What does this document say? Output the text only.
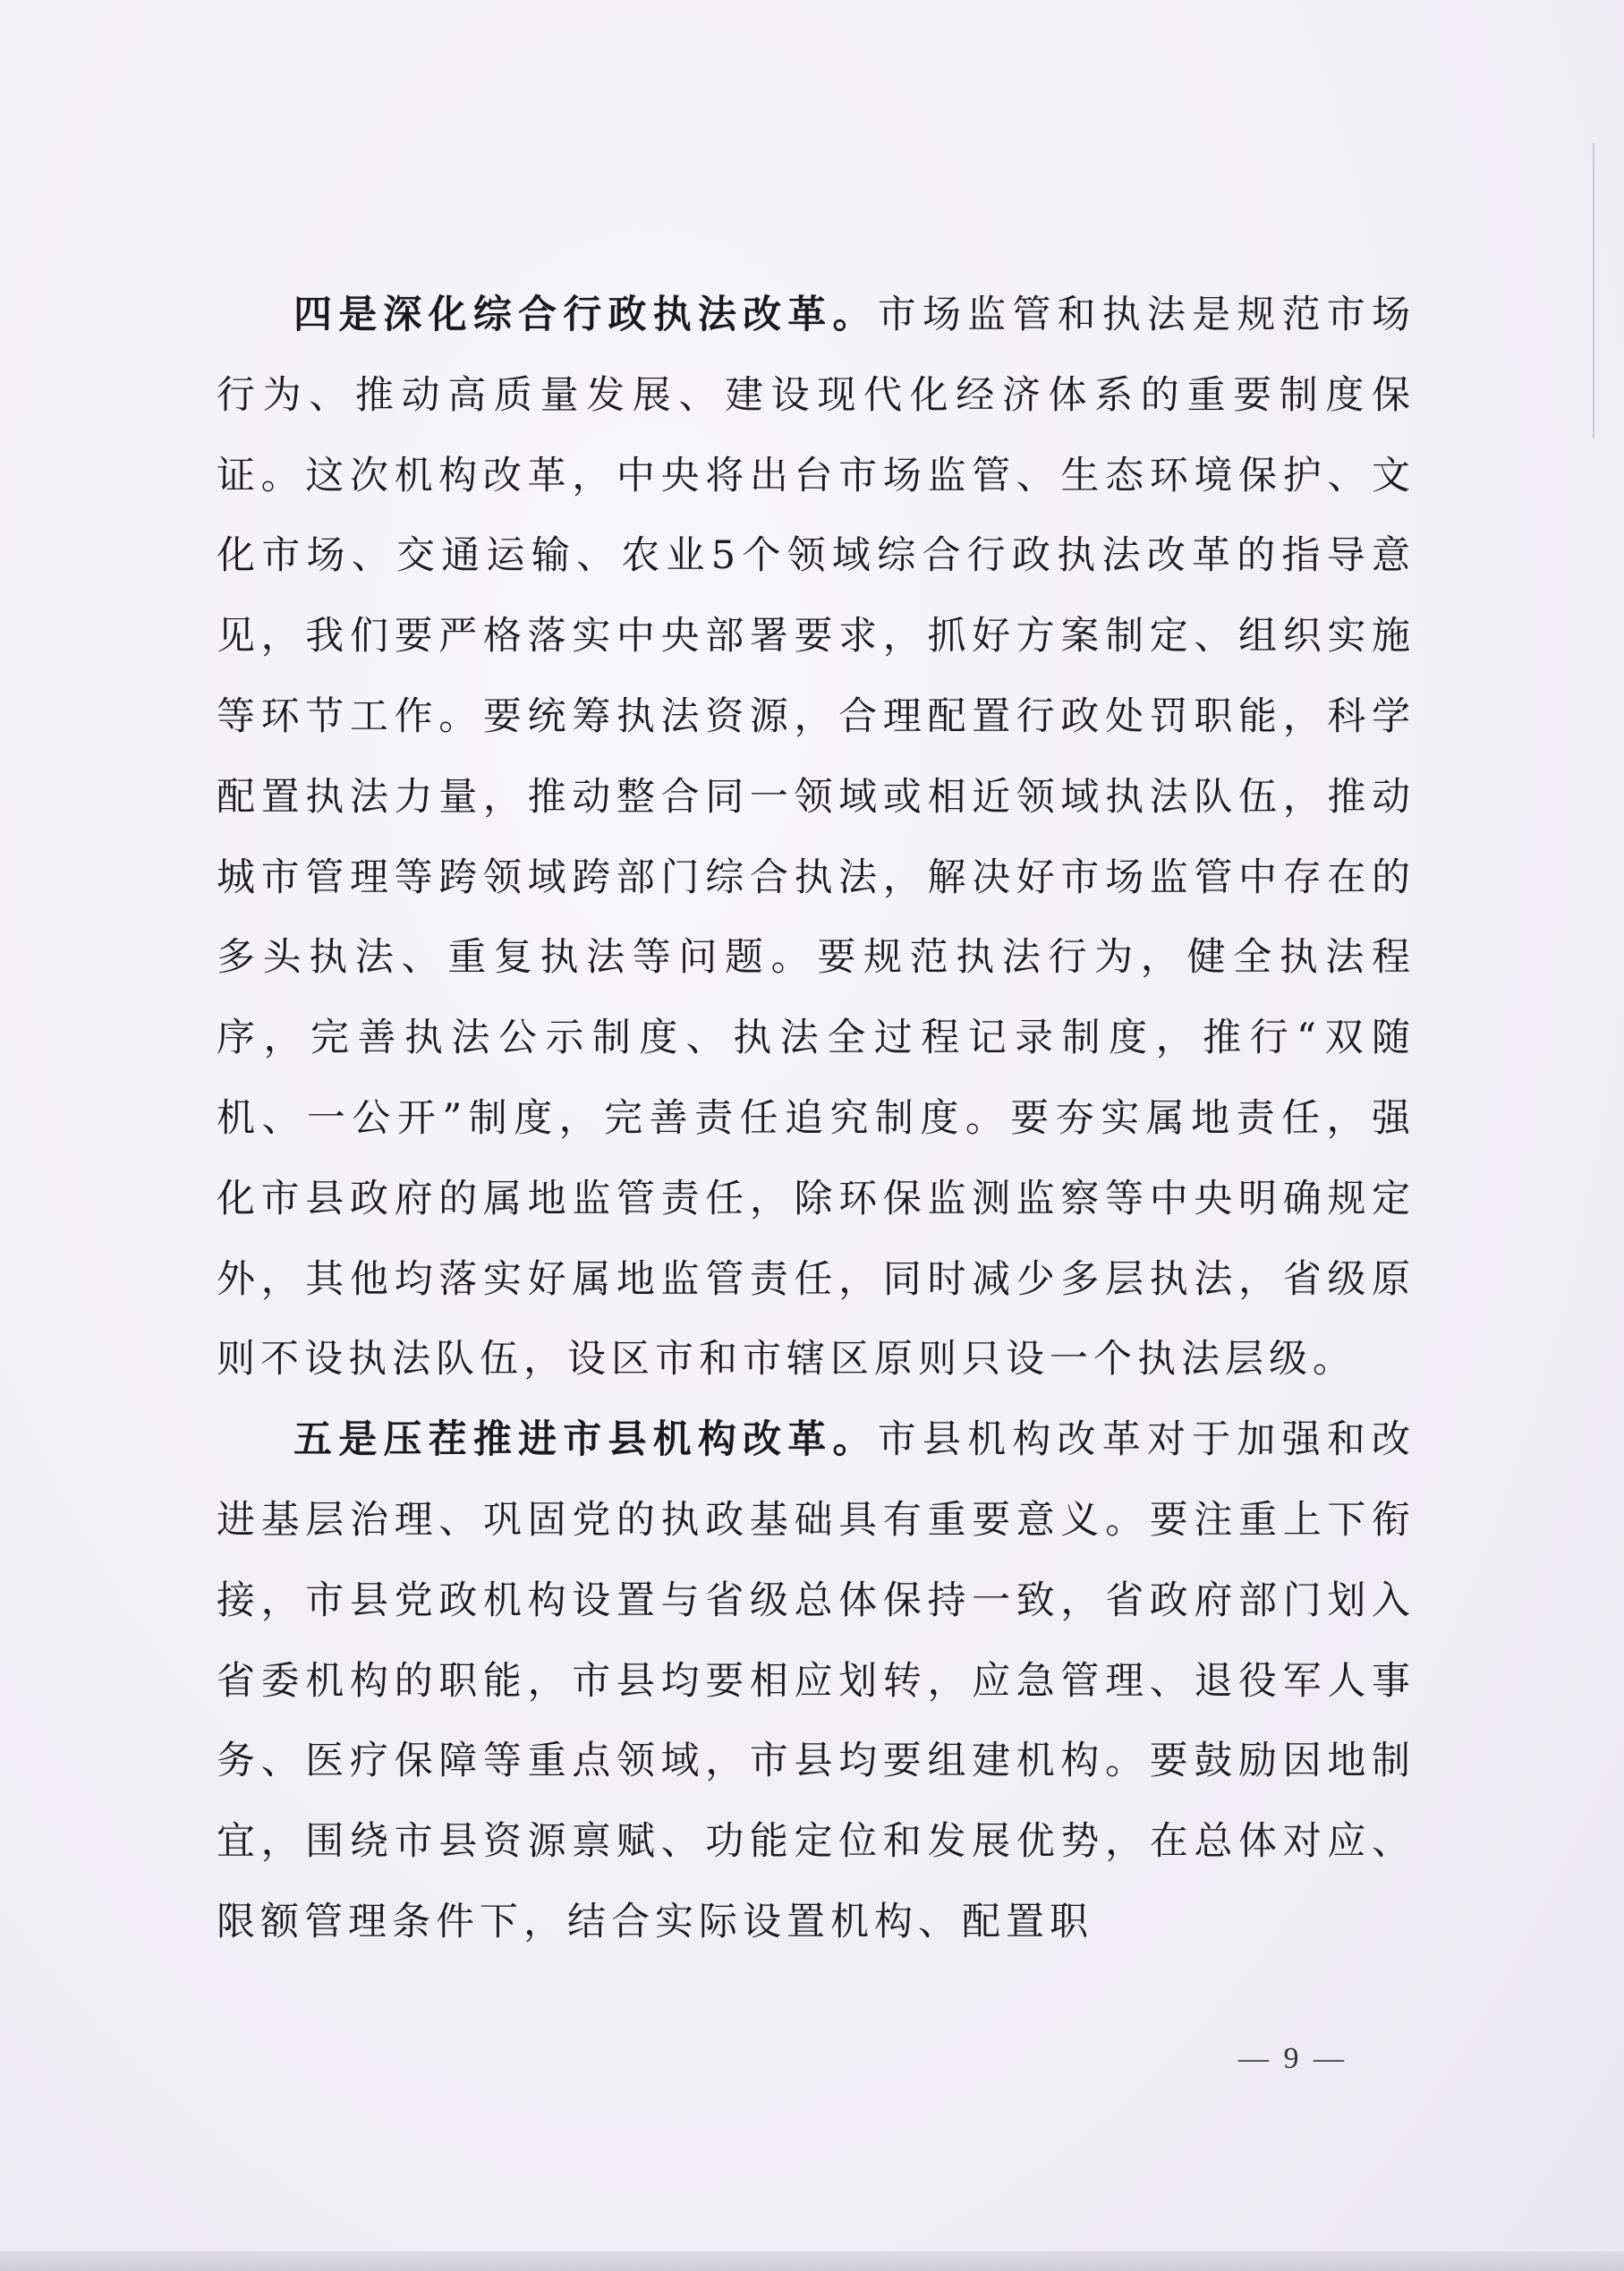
四是深化综合行政执法改革。市场监管和执法是规范市场行为、推动高质量发展、建设现代化经济体系的重要制度保证。这次机构改革，中央将出台市场监管、生态环境保护、文化市场、交通运输、农业5个领域综合行政执法改革的指导意见，我们要严格落实中央部署要求，抓好方案制定、组织实施等环节工作。要统筹执法资源，合理配置行政处罚职能，科学配置执法力量，推动整合同一领域或相近领域执法队伍，推动城市管理等跨领域跨部门综合执法，解决好市场监管中存在的多头执法、重复执法等问题。要规范执法行为，健全执法程序，完善执法公示制度、执法全过程记录制度，推行“双随机、一公开”制度，完善责任追究制度。要夯实属地责任，强化市县政府的属地监管责任，除环保监测监察等中央明确规定外，其他均落实好属地监管责任，同时减少多层执法，省级原则不设执法队伍，设区市和市辖区原则只设一个执法层级。

五是压茬推进市县机构改革。市县机构改革对于加强和改进基层治理、巩固党的执政基础具有重要意义。要注重上下衔接，市县党政机构设置与省级总体保持一致，省政府部门划入省委机构的职能，市县均要相应划转，应急管理、退役军人事务、医疗保障等重点领域，市县均要组建机构。要鼓励因地制宜，围绕市县资源禀赋、功能定位和发展优势，在总体对应、限额管理条件下，结合实际设置机构、配置职

— 9 —
